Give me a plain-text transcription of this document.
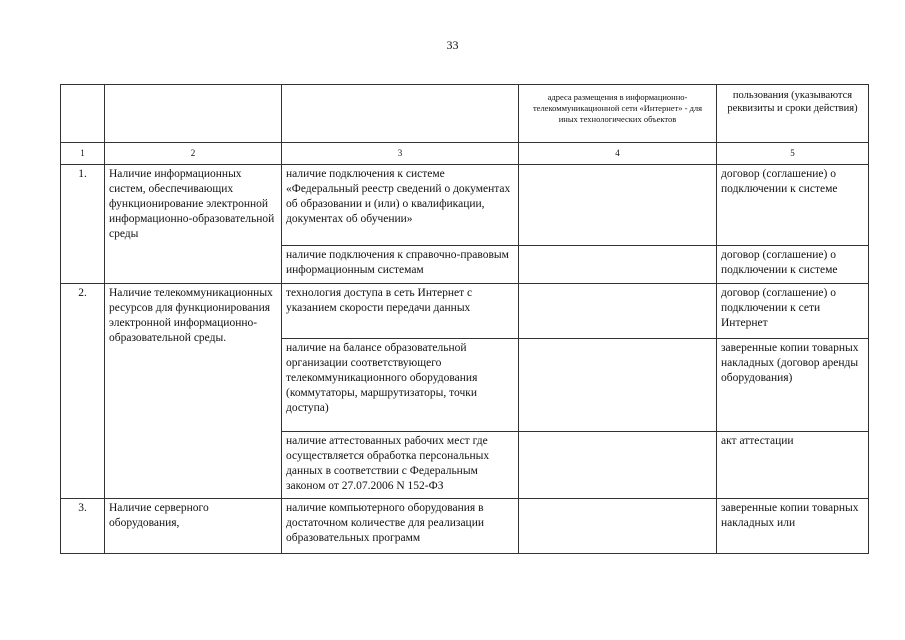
33
			адреса размещения в информационно-телекоммуникационной сети «Интернет» - для иных технологических объектов	пользования (указываются реквизиты и сроки действия)
1	2	3	4	5
1.	Наличие информационных систем, обеспечивающих функционирование электронной информационно-образовательной среды	наличие подключения к системе «Федеральный реестр сведений о документах об образовании и (или) о квалификации, документах об обучении»		договор (соглашение) о подключении к системе
		наличие подключения к справочно-правовым информационным системам		договор (соглашение) о подключении к системе
2.	Наличие телекоммуникационных ресурсов для функционирования электронной информационно-образовательной среды.	технология доступа в сеть Интернет с указанием скорости передачи данных		договор (соглашение) о подключении к сети Интернет
		наличие на балансе образовательной организации соответствующего телекоммуникационного оборудования (коммутаторы, маршрутизаторы, точки доступа)		заверенные копии товарных накладных (договор аренды оборудования)
		наличие аттестованных рабочих мест где осуществляется обработка персональных данных в соответствии с Федеральным законом от 27.07.2006 N 152-ФЗ		акт аттестации
3.	Наличие серверного оборудования,	наличие компьютерного оборудования в достаточном количестве для реализации образовательных программ		заверенные копии товарных накладных или
